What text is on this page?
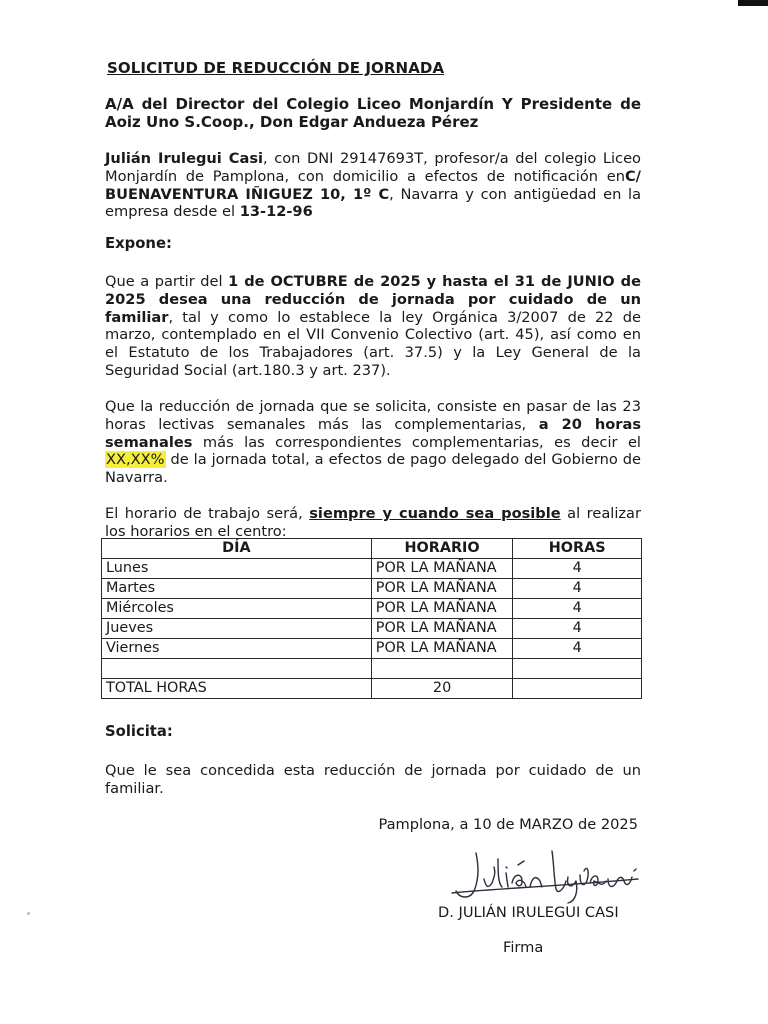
SOLICITUD DE REDUCCIÓN DE JORNADA

A/A del Director del Colegio Liceo Monjardín Y Presidente de Aoiz Uno S.Coop., Don Edgar Andueza Pérez

Julián Irulegui Casi, con DNI 29147693T, profesor/a del colegio Liceo Monjardín de Pamplona, con domicilio a efectos de notificación enC/ BUENAVENTURA IÑIGUEZ 10, 1º C, Navarra y con antigüedad en la empresa desde el 13-12-96

Expone:

Que a partir del 1 de OCTUBRE de 2025 y hasta el 31 de JUNIO de 2025 desea una reducción de jornada por cuidado de un familiar, tal y como lo establece la ley Orgánica 3/2007 de 22 de marzo, contemplado en el VII Convenio Colectivo (art. 45), así como en el Estatuto de los Trabajadores (art. 37.5) y la Ley General de la Seguridad Social (art.180.3 y art. 237).

Que la reducción de jornada que se solicita, consiste en pasar de las 23 horas lectivas semanales más las complementarias, a 20 horas semanales más las correspondientes complementarias, es decir el XX,XX% de la jornada total, a efectos de pago delegado del Gobierno de Navarra.

El horario de trabajo será, siempre y cuando sea posible al realizar los horarios en el centro:

DÍA	HORARIO	HORAS
Lunes	POR LA MAÑANA	4
Martes	POR LA MAÑANA	4
Miércoles	POR LA MAÑANA	4
Jueves	POR LA MAÑANA	4
Viernes	POR LA MAÑANA	4

TOTAL HORAS	20	
Solicita:

Que le sea concedida esta reducción de jornada por cuidado de un familiar.

Pamplona, a 10 de MARZO de 2025

D. JULIÁN IRULEGUI CASI

Firma
